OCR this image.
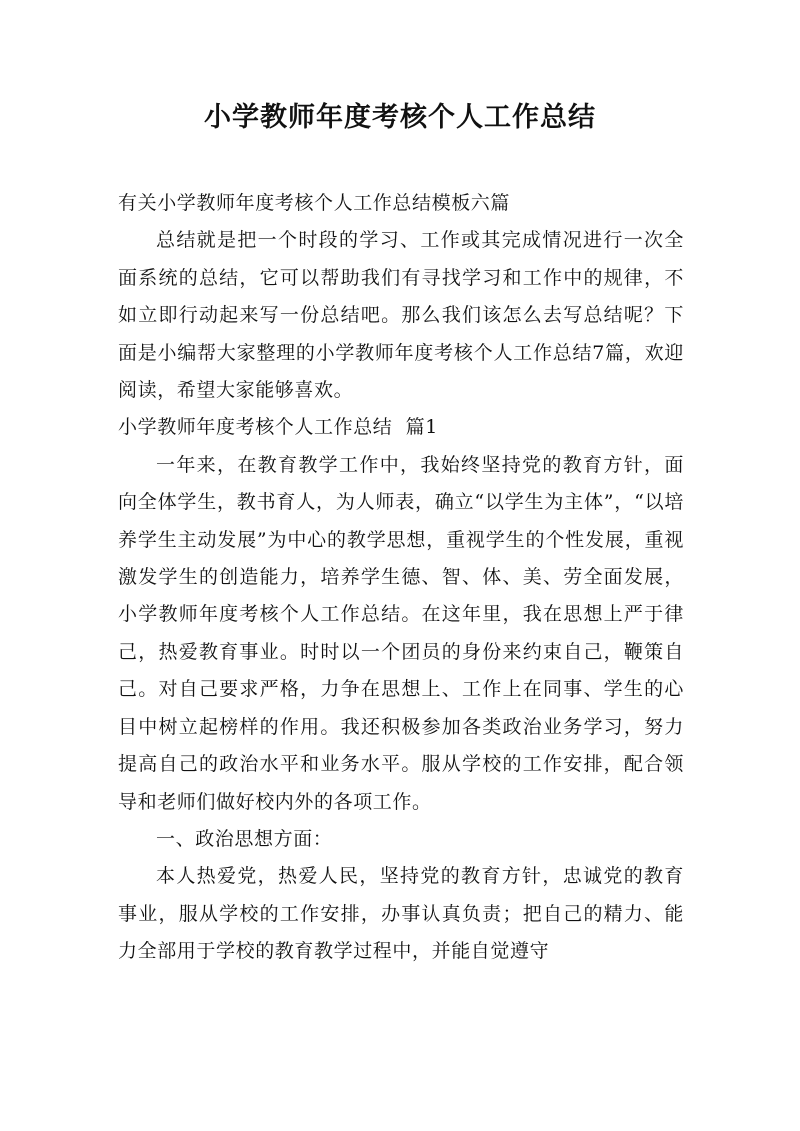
小学教师年度考核个人工作总结

有关小学教师年度考核个人工作总结模板六篇

总结就是把一个时段的学习、工作或其完成情况进行一次全面系统的总结，它可以帮助我们有寻找学习和工作中的规律，不如立即行动起来写一份总结吧。那么我们该怎么去写总结呢？下面是小编帮大家整理的小学教师年度考核个人工作总结7篇，欢迎阅读，希望大家能够喜欢。

小学教师年度考核个人工作总结  篇1

一年来，在教育教学工作中，我始终坚持党的教育方针，面向全体学生，教书育人，为人师表，确立“以学生为主体”，“以培养学生主动发展”为中心的教学思想，重视学生的个性发展，重视激发学生的创造能力，培养学生德、智、体、美、劳全面发展，小学教师年度考核个人工作总结。在这年里，我在思想上严于律己，热爱教育事业。时时以一个团员的身份来约束自己，鞭策自己。对自己要求严格，力争在思想上、工作上在同事、学生的心目中树立起榜样的作用。我还积极参加各类政治业务学习，努力提高自己的政治水平和业务水平。服从学校的工作安排，配合领导和老师们做好校内外的各项工作。

一、政治思想方面：

本人热爱党，热爱人民，坚持党的教育方针，忠诚党的教育事业，服从学校的工作安排，办事认真负责；把自己的精力、能力全部用于学校的教育教学过程中，并能自觉遵守
